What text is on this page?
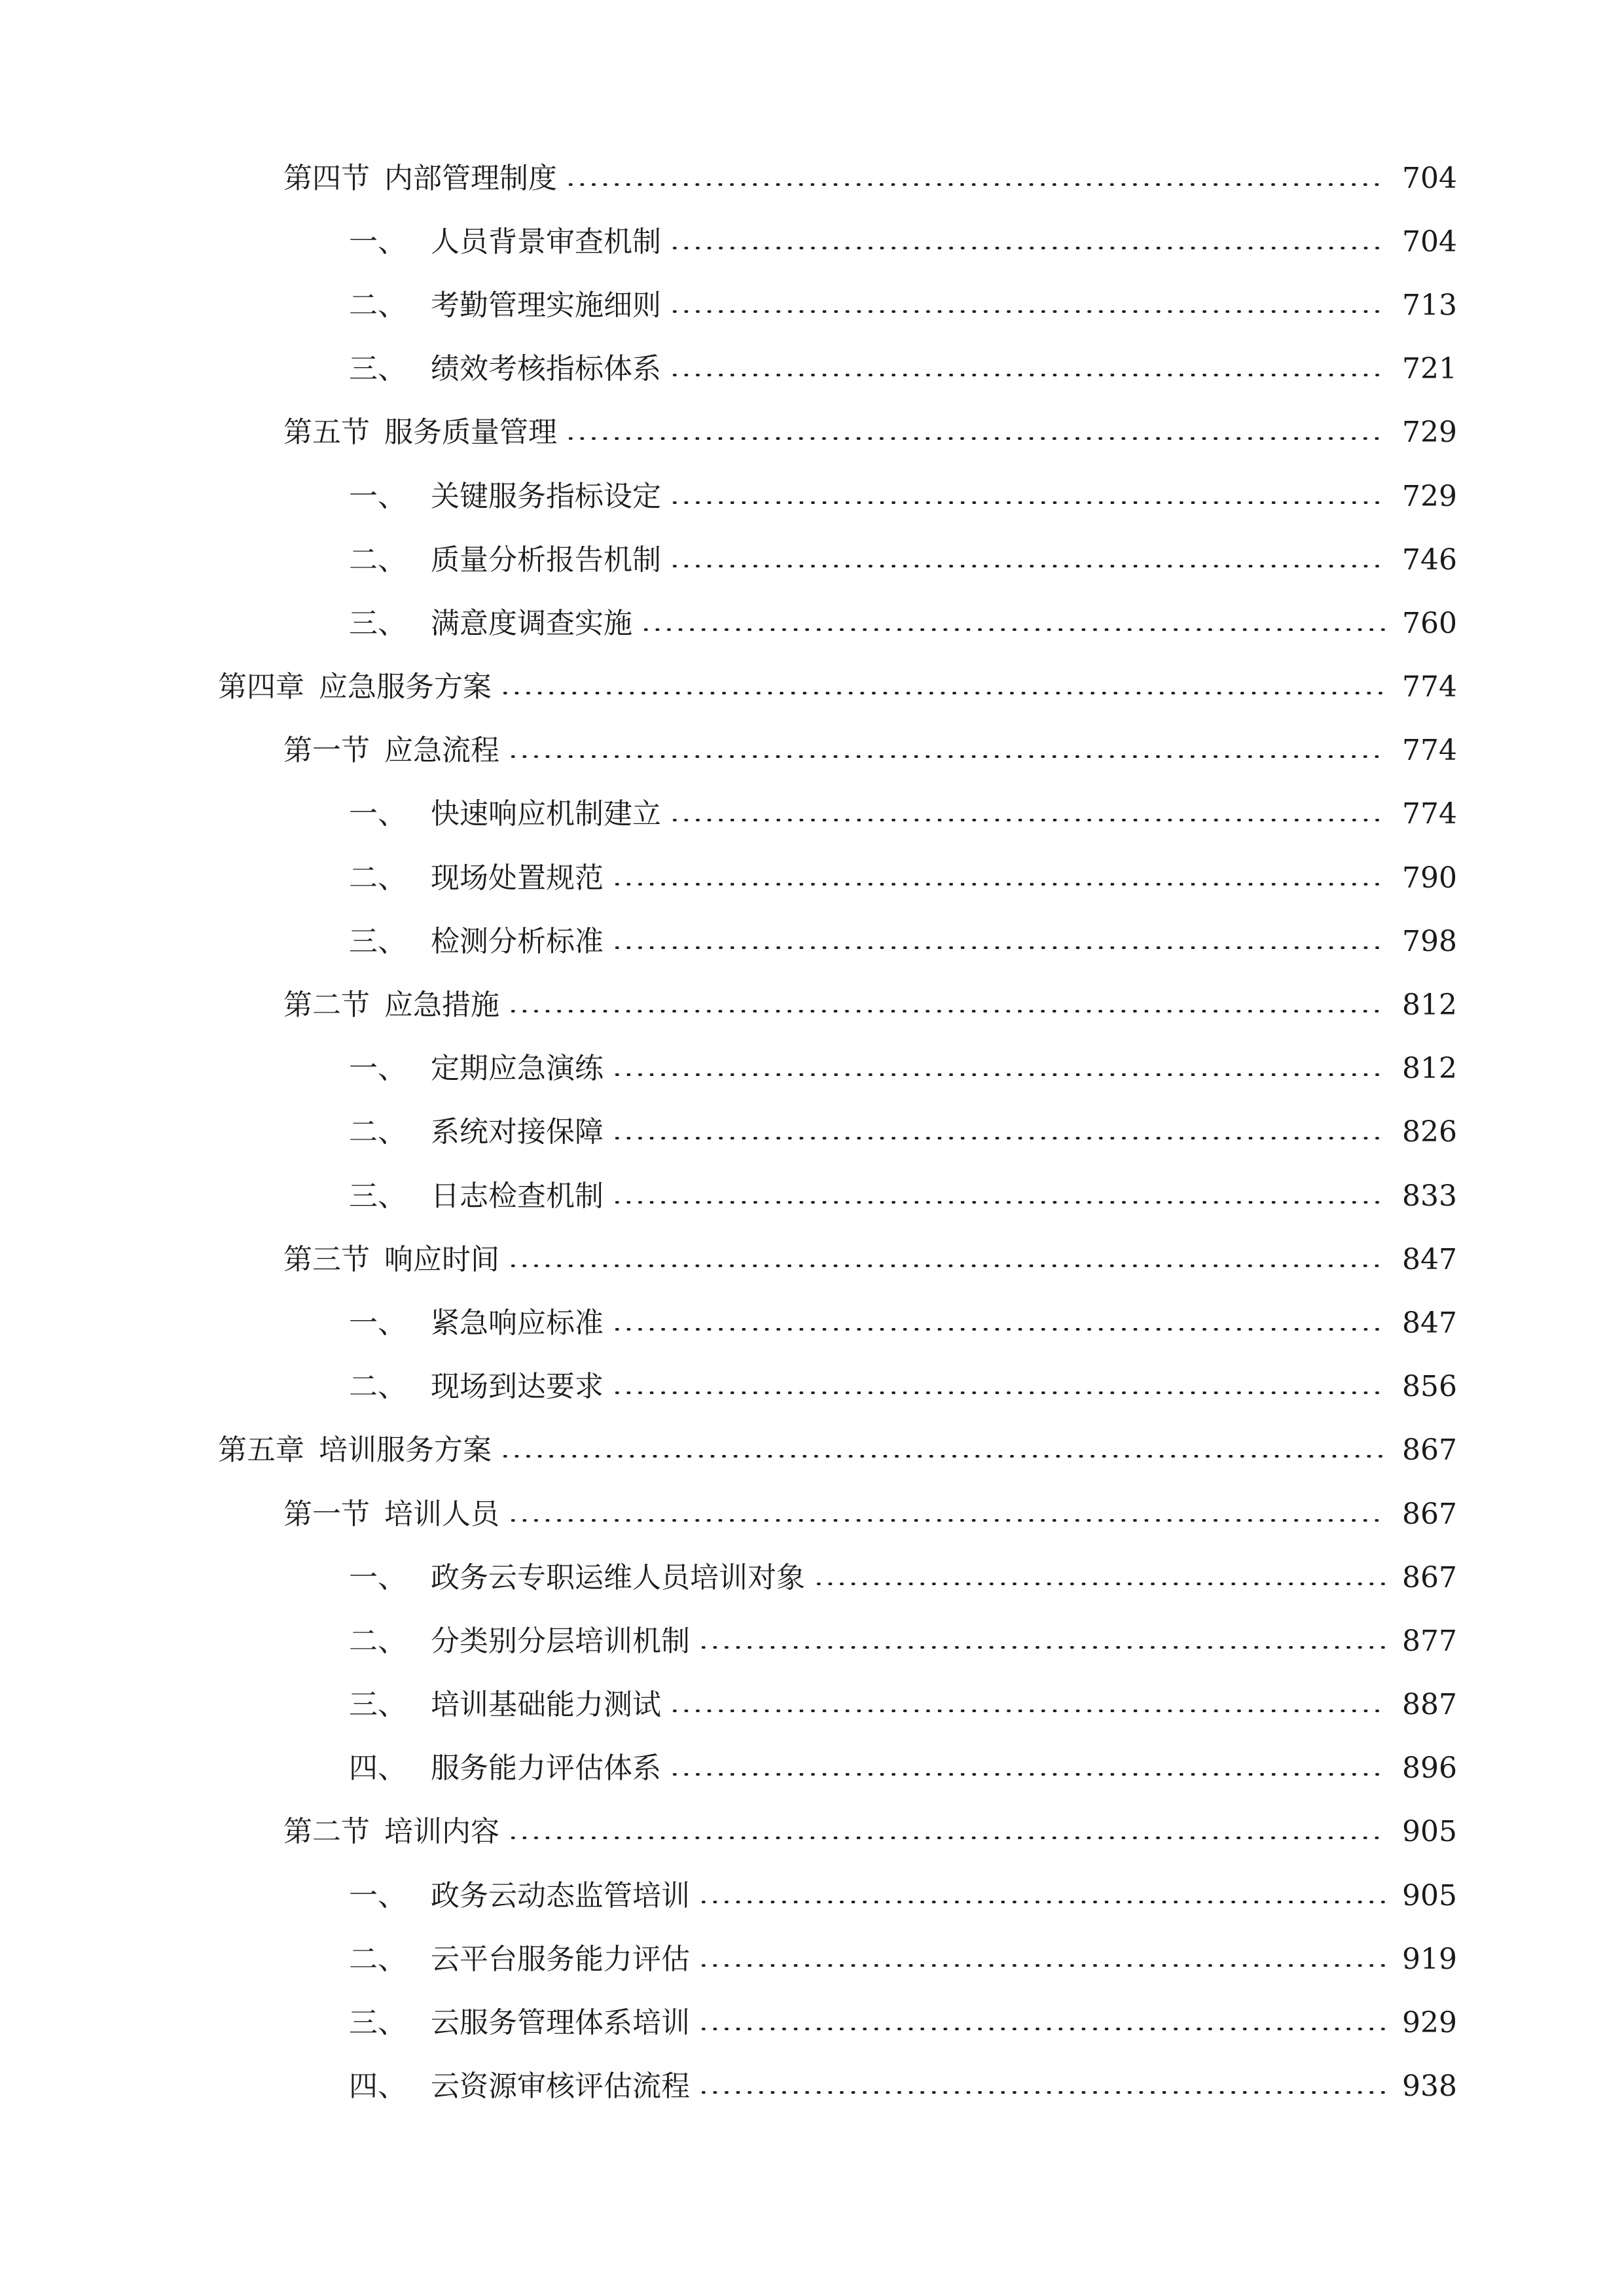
第四节 内部管理制度	704
一、 人员背景审查机制	704
二、 考勤管理实施细则	713
三、 绩效考核指标体系	721
第五节 服务质量管理	729
一、 关键服务指标设定	729
二、 质量分析报告机制	746
三、 满意度调查实施	760
第四章 应急服务方案	774
第一节 应急流程	774
一、 快速响应机制建立	774
二、 现场处置规范	790
三、 检测分析标准	798
第二节 应急措施	812
一、 定期应急演练	812
二、 系统对接保障	826
三、 日志检查机制	833
第三节 响应时间	847
一、 紧急响应标准	847
二、 现场到达要求	856
第五章 培训服务方案	867
第一节 培训人员	867
一、 政务云专职运维人员培训对象	867
二、 分类别分层培训机制	877
三、 培训基础能力测试	887
四、 服务能力评估体系	896
第二节 培训内容	905
一、 政务云动态监管培训	905
二、 云平台服务能力评估	919
三、 云服务管理体系培训	929
四、 云资源审核评估流程	938
